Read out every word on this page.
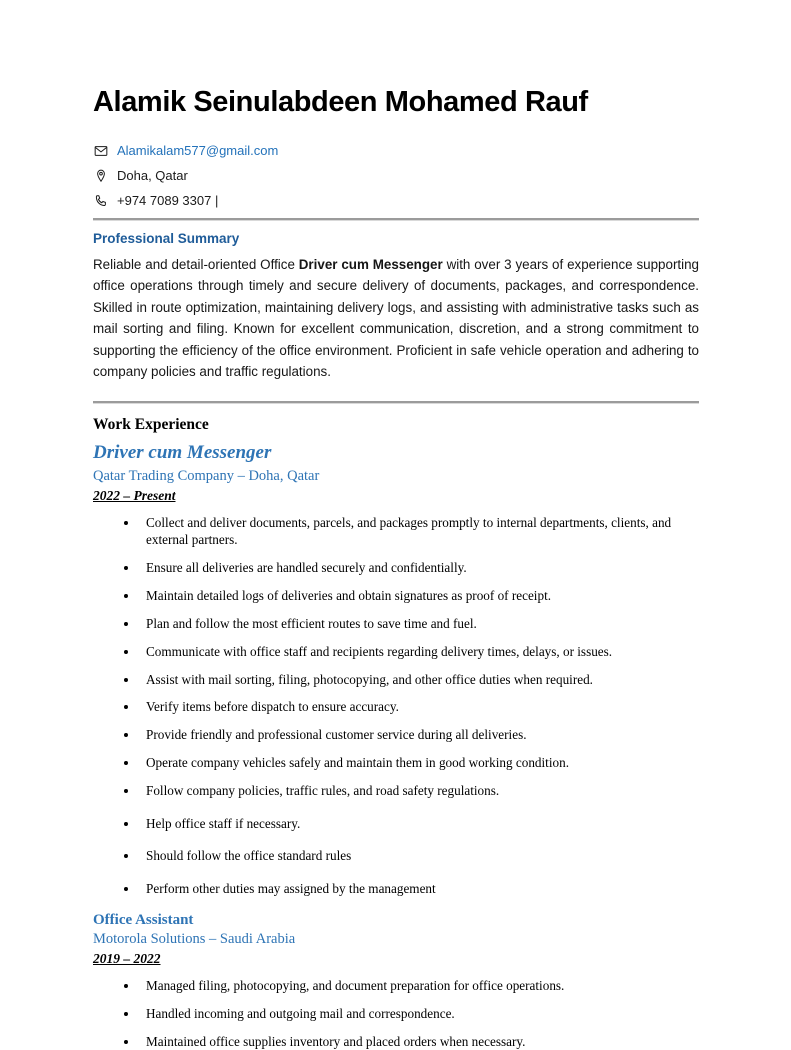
Alamik Seinulabdeen Mohamed Rauf
Alamikalam577@gmail.com
Doha, Qatar
+974 7089 3307 |
Professional Summary

Reliable and detail-oriented Office Driver cum Messenger with over 3 years of experience supporting office operations through timely and secure delivery of documents, packages, and correspondence. Skilled in route optimization, maintaining delivery logs, and assisting with administrative tasks such as mail sorting and filing. Known for excellent communication, discretion, and a strong commitment to supporting the efficiency of the office environment. Proficient in safe vehicle operation and adhering to company policies and traffic regulations.

Work Experience
Driver cum Messenger
Qatar Trading Company – Doha, Qatar
2022 – Present
• Collect and deliver documents, parcels, and packages promptly to internal departments, clients, and external partners.
• Ensure all deliveries are handled securely and confidentially.
• Maintain detailed logs of deliveries and obtain signatures as proof of receipt.
• Plan and follow the most efficient routes to save time and fuel.
• Communicate with office staff and recipients regarding delivery times, delays, or issues.
• Assist with mail sorting, filing, photocopying, and other office duties when required.
• Verify items before dispatch to ensure accuracy.
• Provide friendly and professional customer service during all deliveries.
• Operate company vehicles safely and maintain them in good working condition.
• Follow company policies, traffic rules, and road safety regulations.
• Help office staff if necessary.
• Should follow the office standard rules
• Perform other duties may assigned by the management
Office Assistant
Motorola Solutions – Saudi Arabia
2019 – 2022
• Managed filing, photocopying, and document preparation for office operations.
• Handled incoming and outgoing mail and correspondence.
• Maintained office supplies inventory and placed orders when necessary.
